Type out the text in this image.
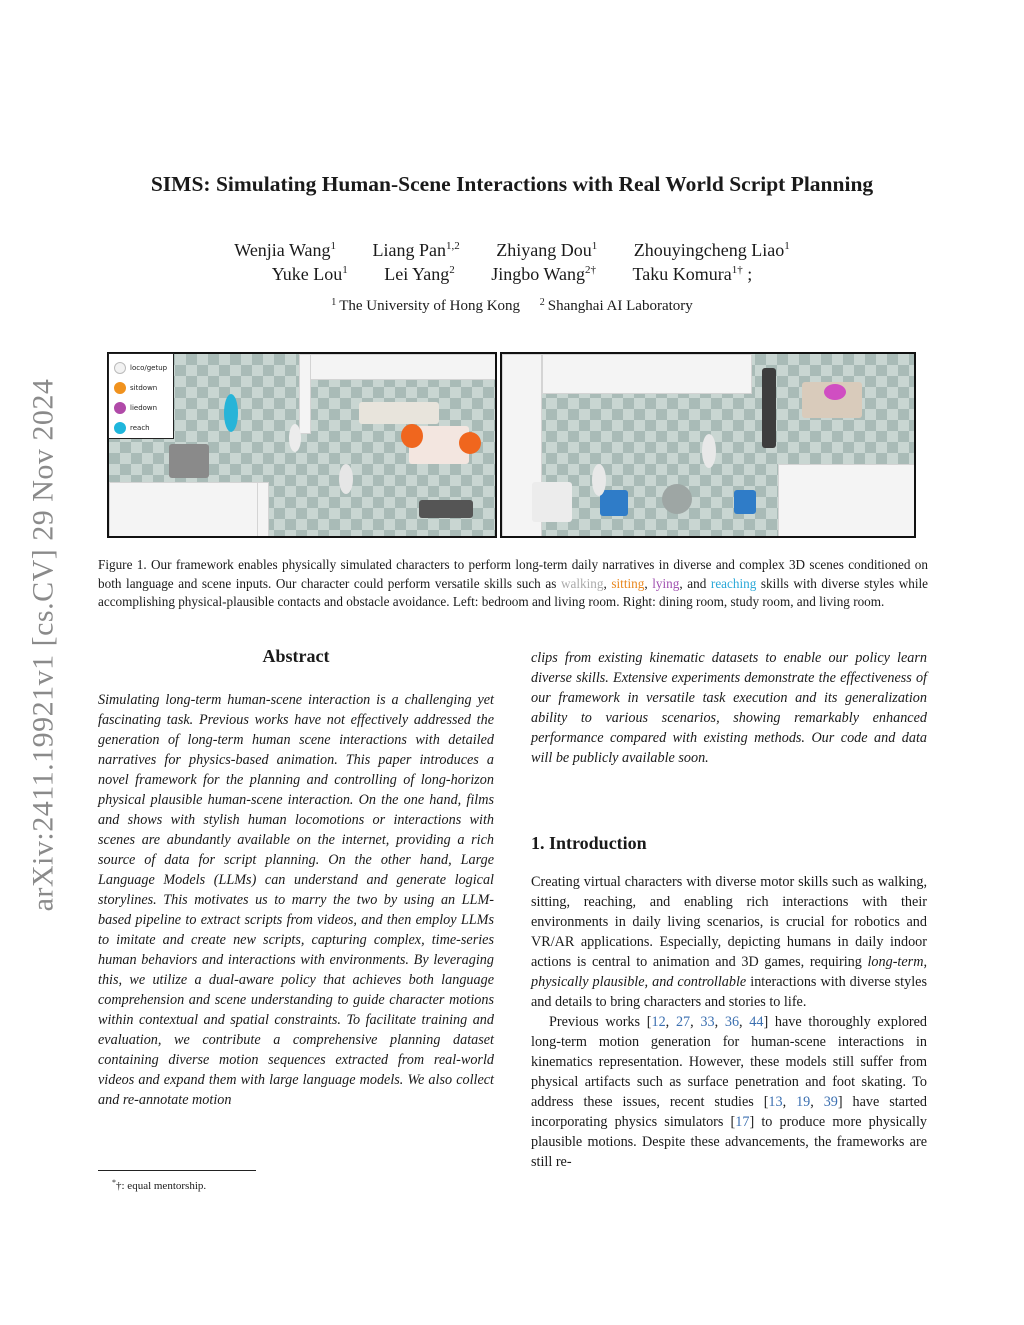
arXiv:2411.19921v1 [cs.CV] 29 Nov 2024
SIMS: Simulating Human-Scene Interactions with Real World Script Planning
Wenjia Wang$^1$ Liang Pan$^{1,2}$ Zhiyang Dou$^1$ Zhouyingcheng Liao$^1$
Yuke Lou$^1$ Lei Yang$^2$ Jingbo Wang$^{2\dagger}$ Taku Komura$^{1\dagger}$ ;
$^1$ The University of Hong Kong $^2$ Shanghai AI Laboratory
loco/getup
sitdown
liedown
reach
Figure 1. Our framework enables physically simulated characters to perform long-term daily narratives in diverse and complex 3D scenes conditioned on both language and scene inputs. Our character could perform versatile skills such as walking, sitting, lying, and reaching skills with diverse styles while accomplishing physical-plausible contacts and obstacle avoidance. Left: bedroom and living room. Right: dining room, study room, and living room.
Abstract
Simulating long-term human-scene interaction is a challenging yet fascinating task. Previous works have not effectively addressed the generation of long-term human scene interactions with detailed narratives for physics-based animation. This paper introduces a novel framework for the planning and controlling of long-horizon physical plausible human-scene interaction. On the one hand, films and shows with stylish human locomotions or interactions with scenes are abundantly available on the internet, providing a rich source of data for script planning. On the other hand, Large Language Models (LLMs) can understand and generate logical storylines. This motivates us to marry the two by using an LLM-based pipeline to extract scripts from videos, and then employ LLMs to imitate and create new scripts, capturing complex, time-series human behaviors and interactions with environments. By leveraging this, we utilize a dual-aware policy that achieves both language comprehension and scene understanding to guide character motions within contextual and spatial constraints. To facilitate training and evaluation, we contribute a comprehensive planning dataset containing diverse motion sequences extracted from real-world videos and expand them with large language models. We also collect and re-annotate motion
clips from existing kinematic datasets to enable our policy learn diverse skills. Extensive experiments demonstrate the effectiveness of our framework in versatile task execution and its generalization ability to various scenarios, showing remarkably enhanced performance compared with existing methods. Our code and data will be publicly available soon.
*†: equal mentorship.
1. Introduction

Creating virtual characters with diverse motor skills such as walking, sitting, reaching, and enabling rich interactions with their environments in daily living scenarios, is crucial for robotics and VR/AR applications. Especially, depicting humans in daily indoor actions is central to animation and 3D games, requiring long-term, physically plausible, and controllable interactions with diverse styles and details to bring characters and stories to life.

Previous works [12, 27, 33, 36, 44] have thoroughly explored long-term motion generation for human-scene interactions in kinematics representation. However, these models still suffer from physical artifacts such as surface penetration and foot skating. To address these issues, recent studies [13, 19, 39] have started incorporating physics simulators [17] to produce more physically plausible motions. Despite these advancements, the frameworks are still re-
